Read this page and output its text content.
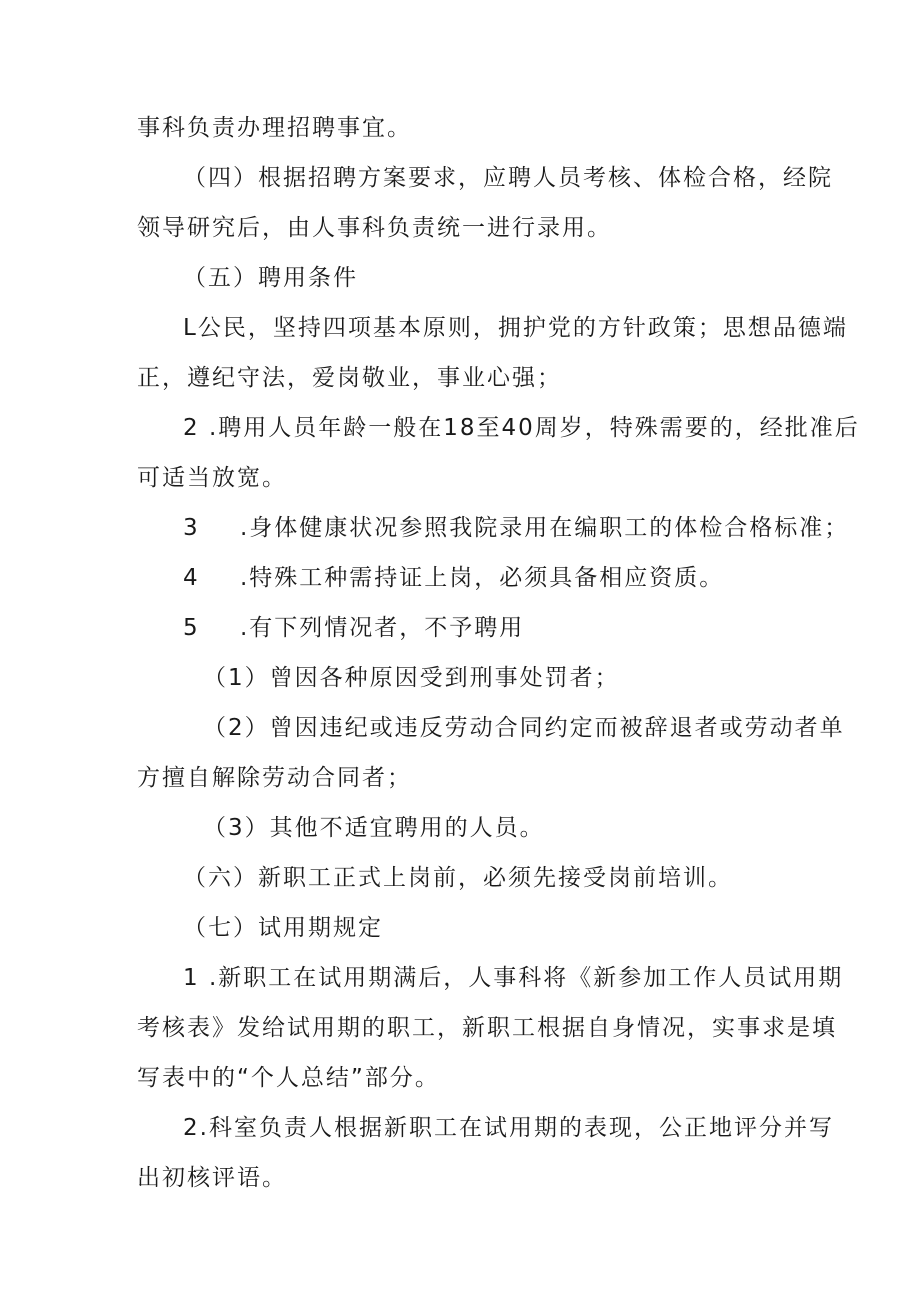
事科负责办理招聘事宜。
（四）根据招聘方案要求，应聘人员考核、体检合格，经院
领导研究后，由人事科负责统一进行录用。
（五）聘用条件
L公民，坚持四项基本原则，拥护党的方针政策；思想品德端
正，遵纪守法，爱岗敬业，事业心强；
2 .聘用人员年龄一般在18至40周岁，特殊需要的，经批准后
可适当放宽。
3 .身体健康状况参照我院录用在编职工的体检合格标准；
4 .特殊工种需持证上岗，必须具备相应资质。
5 .有下列情况者，不予聘用
（1）曾因各种原因受到刑事处罚者；
（2）曾因违纪或违反劳动合同约定而被辞退者或劳动者单
方擅自解除劳动合同者；
（3）其他不适宜聘用的人员。
（六）新职工正式上岗前，必须先接受岗前培训。
（七）试用期规定
1 .新职工在试用期满后，人事科将《新参加工作人员试用期
考核表》发给试用期的职工，新职工根据自身情况，实事求是填
写表中的“个人总结”部分。
2.科室负责人根据新职工在试用期的表现，公正地评分并写
出初核评语。
